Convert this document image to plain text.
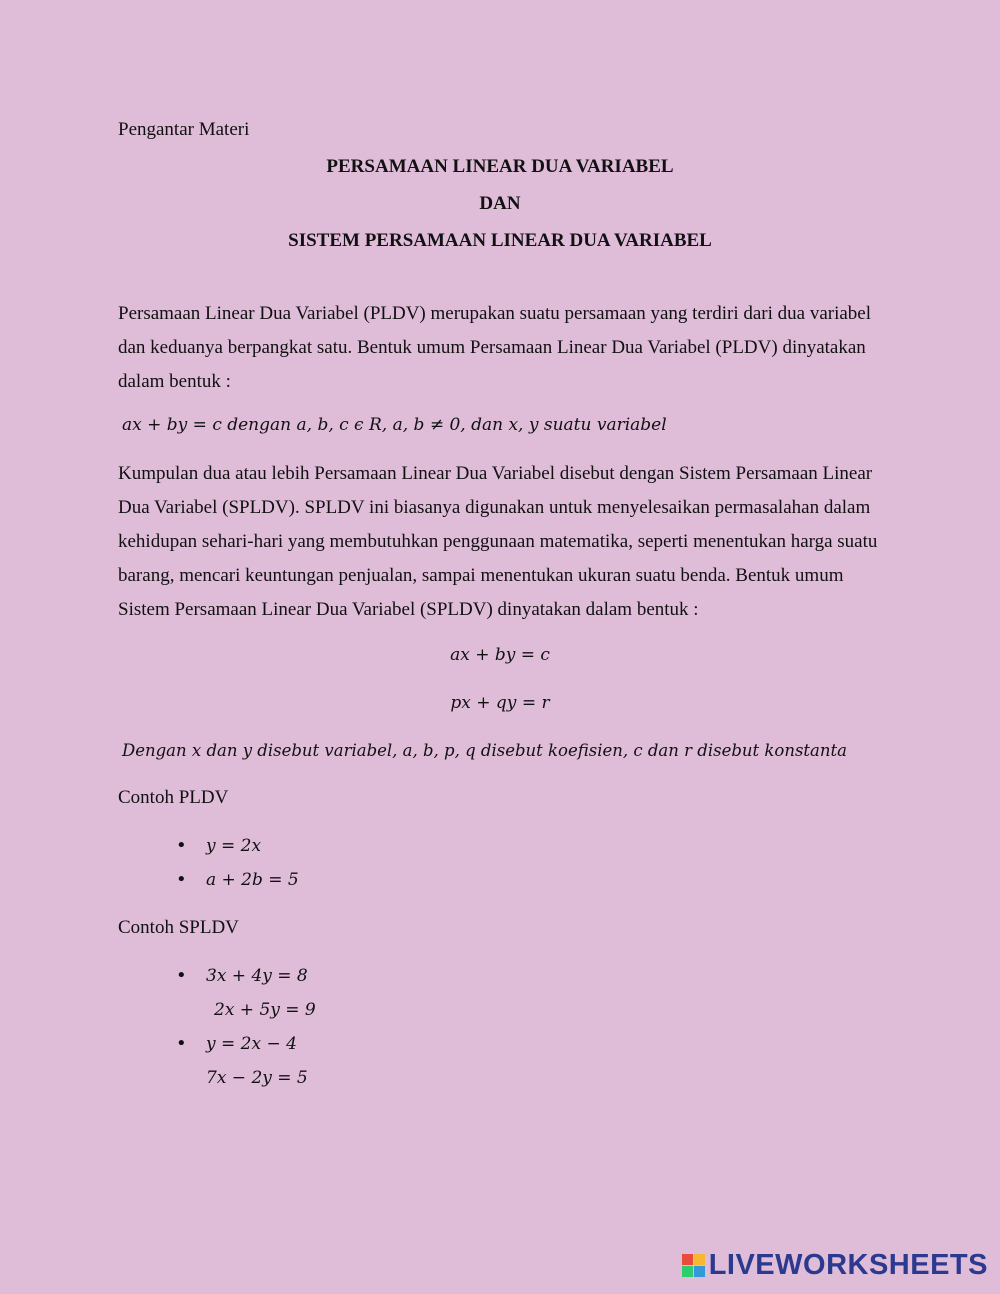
Pengantar Materi

PERSAMAAN LINEAR DUA VARIABEL

DAN

SISTEM PERSAMAAN LINEAR DUA VARIABEL

Persamaan Linear Dua Variabel (PLDV) merupakan suatu persamaan yang terdiri dari dua variabel dan keduanya berpangkat satu. Bentuk umum Persamaan Linear Dua Variabel (PLDV) dinyatakan dalam bentuk :

ax + by = c dengan a, b, c ϵ R, a, b ≠ 0, dan x, y suatu variabel

Kumpulan dua atau lebih Persamaan Linear Dua Variabel disebut dengan Sistem Persamaan Linear Dua Variabel (SPLDV). SPLDV ini biasanya digunakan untuk menyelesaikan permasalahan dalam kehidupan sehari-hari yang membutuhkan penggunaan matematika, seperti menentukan harga suatu barang, mencari keuntungan penjualan, sampai menentukan ukuran suatu benda. Bentuk umum Sistem Persamaan Linear Dua Variabel (SPLDV) dinyatakan dalam bentuk :

ax + by = c

px + qy = r

Dengan x dan y disebut variabel, a, b, p, q disebut koefisien, c dan r disebut konstanta

Contoh PLDV

• y = 2x
• a + 2b = 5

Contoh SPLDV

• 3x + 4y = 8
2x + 5y = 9
• y = 2x − 4
7x − 2y = 5
LIVEWORKSHEETS
